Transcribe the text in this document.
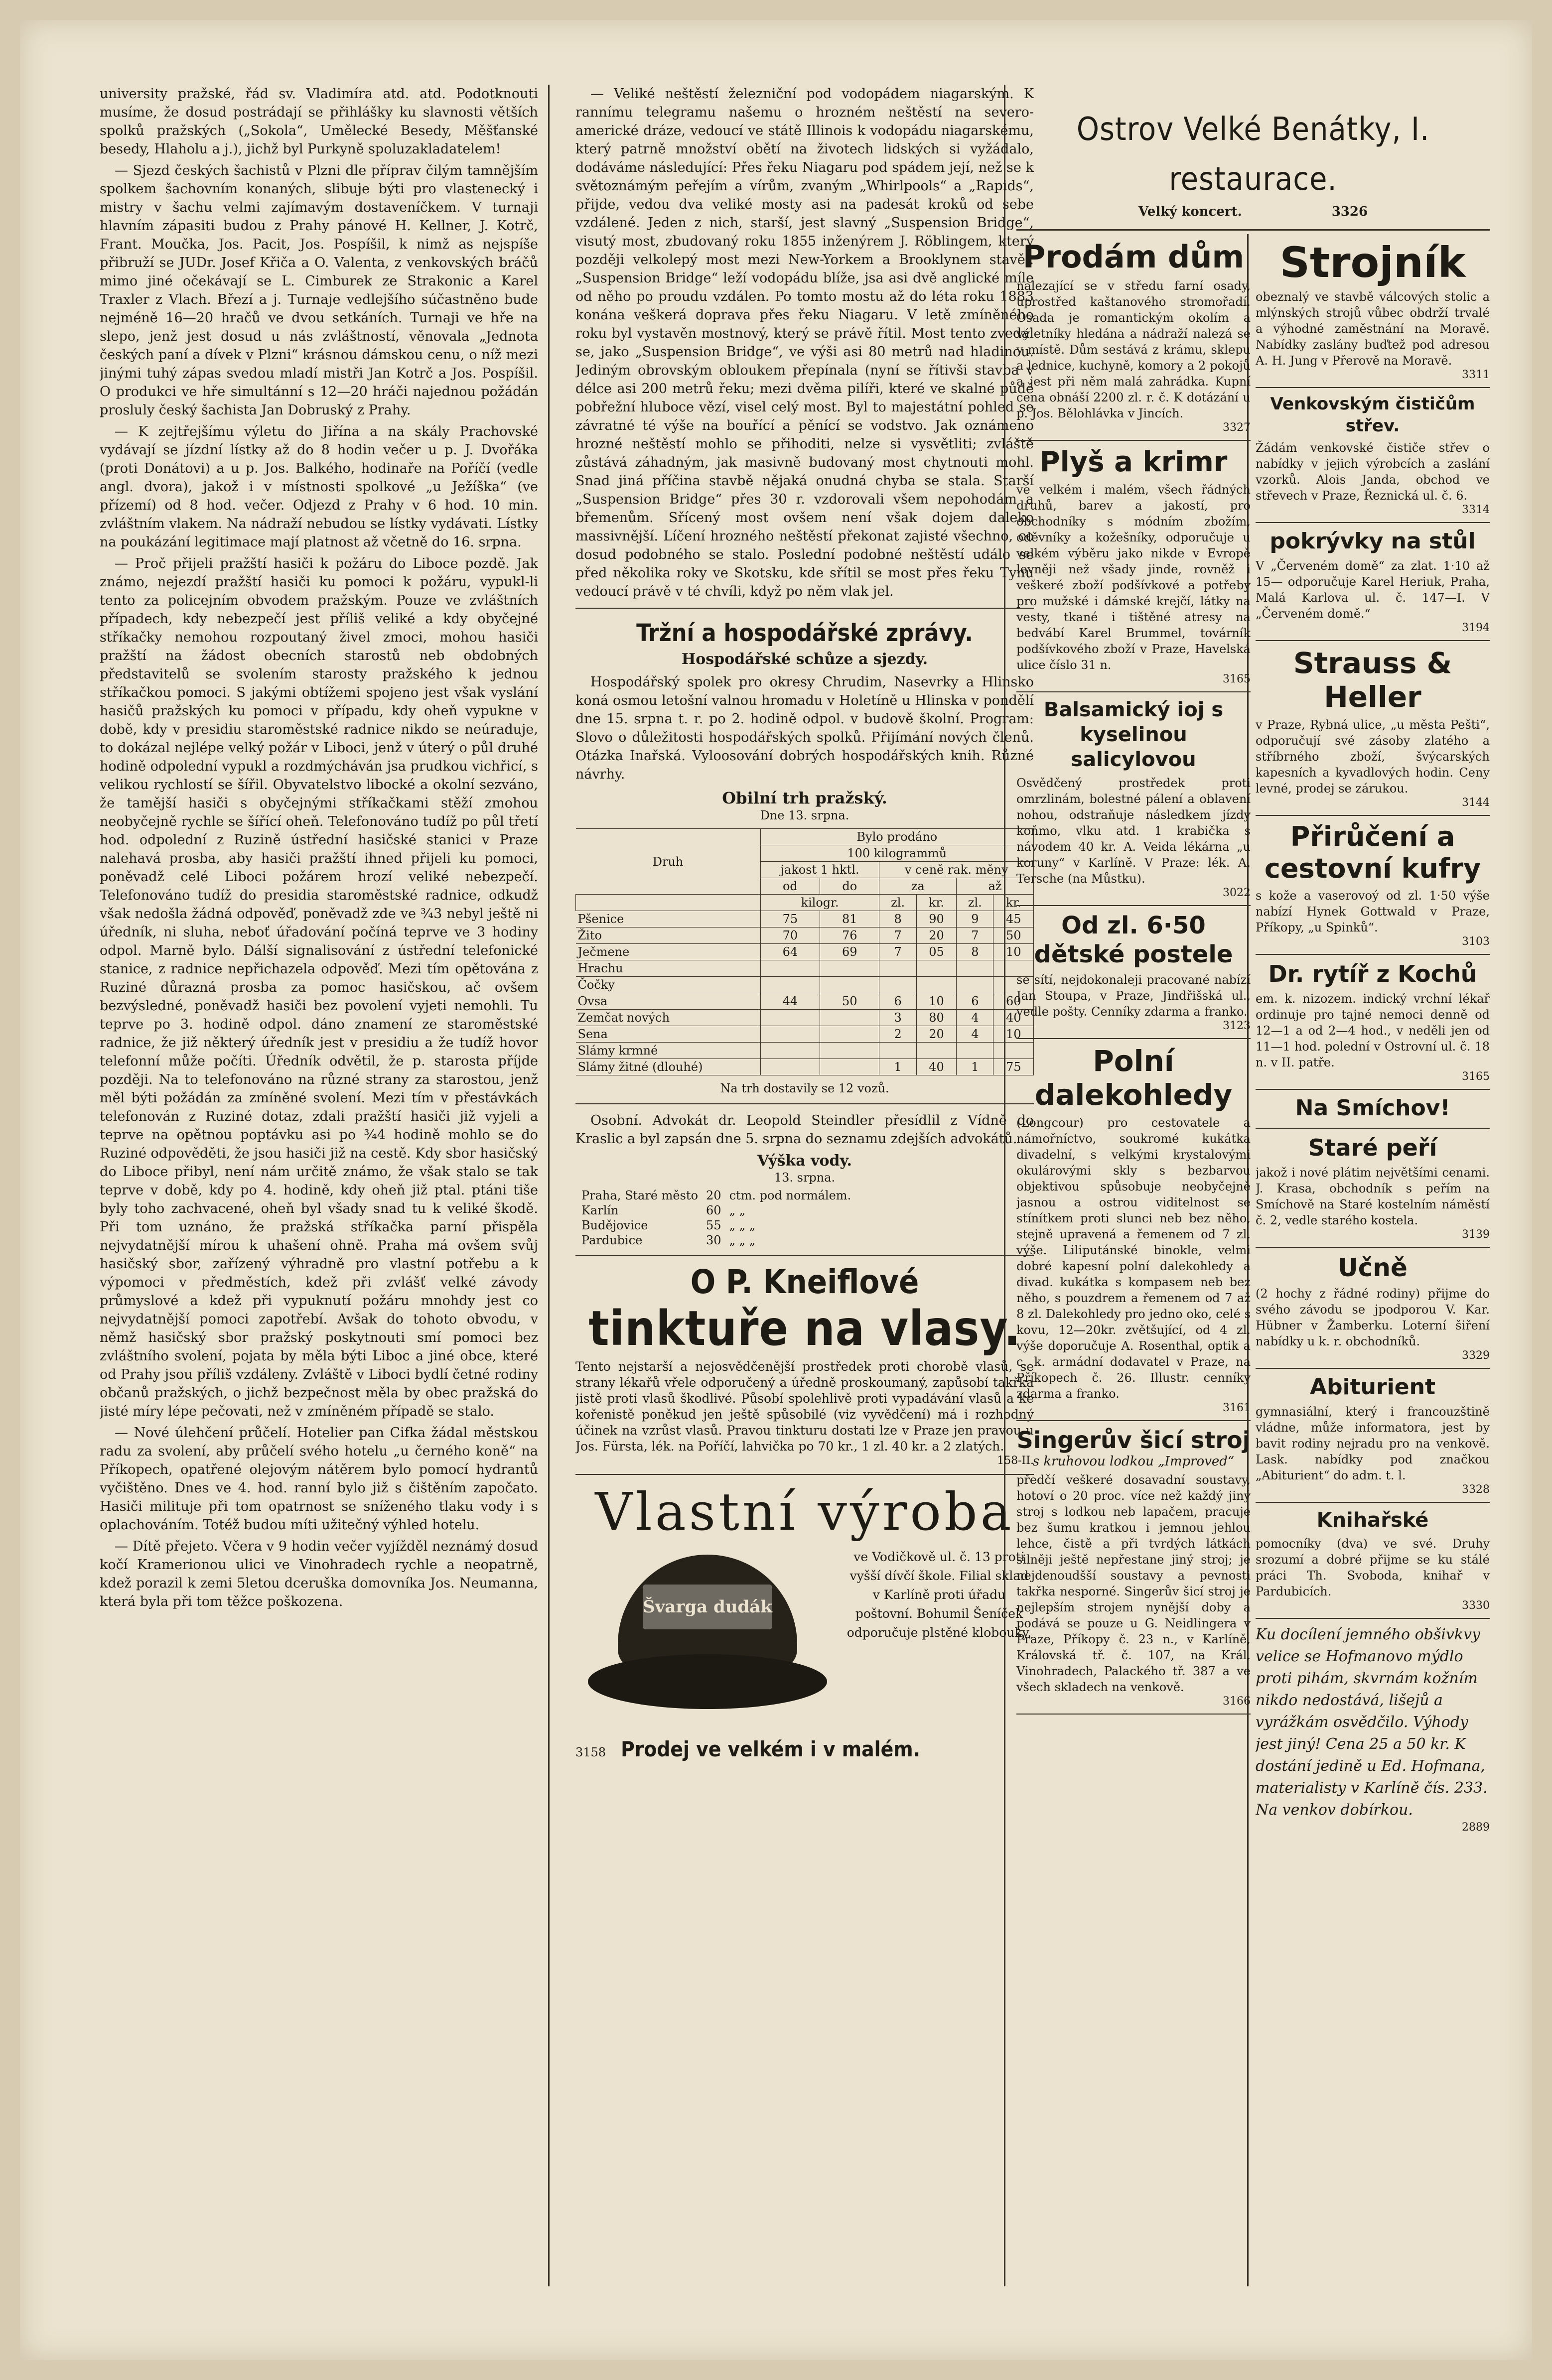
university pražské, řád sv. Vladimíra atd. atd. Podotknouti musíme, že dosud postrádají se přihlášky ku slavnosti větších spolků pražských („Sokola“, Umělecké Besedy, Měšťanské besedy, Hlaholu a j.), jichž byl Purkyně spoluzakladatelem!

— Sjezd českých šachistů v Plzni dle příprav čilým tamnějším spolkem šachovním konaných, slibuje býti pro vlastenecký i mistry v šachu velmi zajímavým dostaveníčkem. V turnaji hlavním zápasiti budou z Prahy pánové H. Kellner, J. Kotrč, Frant. Moučka, Jos. Pacit, Jos. Pospíšil, k nimž as nejspíše přibruží se JUDr. Josef Křiča a O. Valenta, z venkovských bráčů mimo jiné očekávají se L. Cimburek ze Strakonic a Karel Traxler z Vlach. Březí a j. Turnaje vedlejšího súčastněno bude nejméně 16—20 hračů ve dvou setkáních. Turnaji ve hře na slepo, jenž jest dosud u nás zvláštností, věnovala „Jednota českých paní a dívek v Plzni“ krásnou dámskou cenu, o níž mezi jinými tuhý zápas svedou mladí mistři Jan Kotrč a Jos. Pospíšil. O produkci ve hře simultánní s 12—20 hráči najednou požádán prosluly český šachista Jan Dobruský z Prahy.

— K zejtřejšímu výletu do Jiřína a na skály Prachovské vydávají se jízdní lístky až do 8 hodin večer u p. J. Dvořáka (proti Donátovi) a u p. Jos. Balkého, hodinaře na Poříčí (vedle angl. dvora), jakož i v místnosti spolkové „u Ježíška“ (ve přízemí) od 8 hod. večer. Odjezd z Prahy v 6 hod. 10 min. zvláštním vlakem. Na nádraží nebudou se lístky vydávati. Lístky na poukázání legitimace mají platnost až včetně do 16. srpna.

— Proč přijeli pražští hasiči k požáru do Liboce pozdě. Jak známo, nejezdí pražští hasiči ku pomoci k požáru, vypukl-li tento za policejním obvodem pražským. Pouze ve zvláštních případech, kdy nebezpečí jest příliš veliké a kdy obyčejné stříkačky nemohou rozpoutaný živel zmoci, mohou hasiči pražští na žádost obecních starostů neb obdobných představitelů se svolením starosty pražského k jednou stříkačkou pomoci. S jakými obtížemi spojeno jest však vyslání hasičů pražských ku pomoci v případu, kdy oheň vypukne v době, kdy v presidiu staroměstské radnice nikdo se neúraduje, to dokázal nejlépe velký požár v Liboci, jenž v úterý o půl druhé hodině odpolední vypukl a rozdmýcháván jsa prudkou vichřicí, s velikou rychlostí se šířil. Obyvatelstvo libocké a okolní sezváno, že tamější hasiči s obyčejnými stříkačkami stěží zmohou neobyčejně rychle se šířící oheň. Telefonováno tudíž po půl třetí hod. odpolední z Ruzině ústřední hasičské stanici v Praze nalehavá prosba, aby hasiči pražští ihned přijeli ku pomoci, poněvadž celé Liboci požárem hrozí veliké nebezpečí. Telefonováno tudíž do presidia staroměstské radnice, odkudž však nedošla žádná odpověď, poněvadž zde ve ¾3 nebyl ještě ni úředník, ni sluha, neboť úřadování počíná teprve ve 3 hodiny odpol. Marně bylo. Dálší signalisování z ústřední telefonické stanice, z radnice nepřichazela odpověď. Mezi tím opětována z Ruziné důrazná prosba za pomoc hasičskou, ač ovšem bezvýsledné, poněvadž hasiči bez povolení vyjeti nemohli. Tu teprve po 3. hodině odpol. dáno znamení ze staroměstské radnice, že již některý úředník jest v presidiu a že tudíž hovor telefonní může počíti. Úředník odvětil, že p. starosta příjde později. Na to telefonováno na různé strany za starostou, jenž měl býti požádán za zmíněné svolení. Mezi tím v přestávkách telefonován z Ruziné dotaz, zdali pražští hasiči již vyjeli a teprve na opětnou poptávku asi po ¾4 hodině mohlo se do Ruziné odpověděti, že jsou hasiči již na cestě. Kdy sbor hasičský do Liboce přibyl, není nám určitě známo, že však stalo se tak teprve v době, kdy po 4. hodině, kdy oheň již ptal. ptáni tiše byly toho zachvacené, oheň byl všady snad tu k veliké škodě. Při tom uznáno, že pražská stříkačka parní přispěla nejvydatnější mírou k uhašení ohně. Praha má ovšem svůj hasičský sbor, zařízený výhradně pro vlastní potřebu a k výpomoci v předměstích, kdež při zvlášť velké závody průmyslové a kdež při vypuknutí požáru mnohdy jest co nejvydatnější pomoci zapotřebí. Avšak do tohoto obvodu, v němž hasičský sbor pražský poskytnouti smí pomoci bez zvláštního svolení, pojata by měla býti Liboc a jiné obce, které od Prahy jsou příliš vzdáleny. Zvláště v Liboci bydlí četné rodiny občanů pražských, o jichž bezpečnost měla by obec pražská do jisté míry lépe pečovati, než v zmíněném případě se stalo.

— Nové úlehčení průčelí. Hotelier pan Cifka žádal městskou radu za svolení, aby průčelí svého hotelu „u černého koně“ na Příkopech, opatřené olejovým nátěrem bylo pomocí hydrantů vyčištěno. Dnes ve 4. hod. ranní bylo již s čištěním započato. Hasiči milituje při tom opatrnost se sníženého tlaku vody i s oplachováním. Totéž budou míti užitečný výhled hotelu.

— Dítě přejeto. Včera v 9 hodin večer vyjížděl neznámý dosud kočí Kramerionou ulici ve Vinohradech rychle a neopatrně, kdež porazil k zemi 5letou dceruška domovníka Jos. Neumanna, která byla při tom těžce poškozena.

— Veliké neštěstí železniční pod vodopádem niagarským. K rannímu telegramu našemu o hrozném neštěstí na severo-americké dráze, vedoucí ve státě Illinois k vodopádu niagarskému, který patrně množství obětí na životech lidských si vyžádalo, dodáváme následující: Přes řeku Niagaru pod spádem její, než se k světoznámým peřejím a vírům, zvaným „Whirlpools“ a „Rapids“, přijde, vedou dva veliké mosty asi na padesát kroků od sebe vzdálené. Jeden z nich, starší, jest slavný „Suspension Bridge“, visutý most, zbudovaný roku 1855 inženýrem J. Röblingem, který později velkolepý most mezi New-Yorkem a Brooklynem stavěl. „Suspension Bridge“ leží vodopádu blíže, jsa asi dvě anglické míle od něho po proudu vzdálen. Po tomto mostu až do léta roku 1883 konána veškerá doprava přes řeku Niagaru. V letě zmíněného roku byl vystavěn mostnový, který se právě řítil. Most tento zvedal se, jako „Suspension Bridge“, ve výši asi 80 metrů nad hladinou. Jediným obrovským obloukem přepínala (nyní se řítivši stavba v délce asi 200 metrů řeku; mezi dvěma pilíři, které ve skalné půdě pobřežní hluboce vězí, visel celý most. Byl to majestátní pohled se závratné té výše na bouřící a pěnící se vodstvo. Jak oznámeno hrozné neštěstí mohlo se přihoditi, nelze si vysvětliti; zvláště zůstává záhadným, jak masivně budovaný most chytnouti mohl. Snad jiná příčina stavbě nějaká onudná chyba se stala. Starší „Suspension Bridge“ přes 30 r. vzdorovali všem nepohodám a břemenům. Sřícený most ovšem není však dojem daleko massivnější. Líčení hrozného neštěstí překonat zajisté všechno, co dosud podobného se stalo. Poslední podobné neštěstí událo se před několika roky ve Skotsku, kde sřítil se most přes řeku Tynu vedoucí právě v té chvíli, když po něm vlak jel.

Tržní a hospodářské zprávy.
Hospodářské schůze a sjezdy.

Hospodářský spolek pro okresy Chrudim, Nasevrky a Hlinsko koná osmou letošní valnou hromadu v Holetíně u Hlinska v pondělí dne 15. srpna t. r. po 2. hodině odpol. v budově školní. Program: Slovo o důležitosti hospodářských spolků. Přijímání nových členů. Otázka Inařská. Vyloosování dobrých hospodářských knih. Různé návrhy.

Obilní trh pražský.
Dne 13. srpna.
Druh	Bylo prodáno					
	100 kilogrammů					
	jakost 1 hktl.		v ceně rak. měny			
	od	do	za		až	
	kilogr.		zl.	kr.	zl.	kr.
Pšenice	75	81	8	90	9	45
Žito	70	76	7	20	7	50
Ječmene	64	69	7	05	8	10
Hrachu						
Čočky						
Ovsa	44	50	6	10	6	60
Zemčat nových			3	80	4	40
Sena			2	20	4	10
Slámy krmné						
Slámy žitné (dlouhé)			1	40	1	75
Na trh dostavily se 12 vozů.

Osobní. Advokát dr. Leopold Steindler přesídlil z Vídně do Kraslic a byl zapsán dne 5. srpna do seznamu zdejších advokátů.

Výška vody.
13. srpna.
Praha, Staré město	20	ctm. pod normálem.
Karlín	60	„ „
Budějovice	55	„ „ „
Pardubice	30	„ „ „
O P. Kneiflové
tinktuře na vlasy.

Tento nejstarší a nejosvědčenější prostředek proti chorobě vlasů, se strany lékařů vřele odporučený a úředně proskoumaný, zapůsobí takřka jistě proti vlasů škodlivé. Působí spolehlivě proti vypadávání vlasů a ke kořenistě poněkud jen ještě spůsobilé (viz vyvědčení) má i rozhodný účinek na vzrůst vlasů. Pravou tinkturu dostati lze v Praze jen pravou u Jos. Fürsta, lék. na Poříčí, lahvička po 70 kr., 1 zl. 40 kr. a 2 zlatých.

158-II.
Vlastní výroba
Švarga dudák

ve Vodičkově ul. č. 13 proti vyšší dívčí škole. Filial sklad v Karlíně proti úřadu poštovní. Bohumil Šeníček odporučuje plstěné klobouky.

3158 Prodej ve velkém i v malém.
Ostrov Velké Benátky, I. restaurace.
Velký koncert.	3326
Prodám dům

nalezající se v středu farní osady, uprostřed kaštanového stromořadí. Osada je romantickým okolím a výletníky hledána a nádraží nalezá se v místě. Dům sestává z krámu, sklepu a lednice, kuchyně, komory a 2 pokojů a jest při něm malá zahrádka. Kupní cena obnáší 2200 zl. r. č. K dotázání u p. Jos. Bělohlávka v Jincích.

3327
Plyš a krimr

ve velkém i malém, všech řádných druhů, barev a jakostí, pro obchodníky s módním zbožím, oděvníky a kožešníky, odporučuje u velkém výběru jako nikde v Evropě levněji než všady jinde, rovněž i veškeré zboží podšívkové a potřeby pro mužské i dámské krejčí, látky na vesty, tkané i tištěné atresy na bedvábí Karel Brummel, továrník podšívkového zboží v Praze, Havelská ulice číslo 31 n.

3165
Balsamický ioj s kyselinou salicylovou

Osvědčený prostředek proti omrzlinám, bolestné pálení a oblavení nohou, odstraňuje následkem jízdy koňmo, vlku atd. 1 krabička s návodem 40 kr. A. Veida lékárna „u koruny“ v Karlíně. V Praze: lék. A. Tersche (na Můstku).

3022
Od zl. 6·50 dětské postele

se sítí, nejdokonaleji pracované nabízí Jan Stoupa, v Praze, Jindřišská ul., vedle pošty. Cenníky zdarma a franko.

3123
Polní dalekohledy

(Longcour) pro cestovatele a námořníctvo, soukromé kukátka divadelní, s velkými krystalovými okulárovými skly s bezbarvou objektivou spůsobuje neobyčejně jasnou a ostrou viditelnost se stínítkem proti slunci neb bez něho, stejně upravená a řemenem od 7 zl. výše. Liliputánské binokle, velmi dobré kapesní polní dalekohledy a divad. kukátka s kompasem neb bez něho, s pouzdrem a řemenem od 7 až 8 zl. Dalekohledy pro jedno oko, celé s kovu, 12—20kr. zvětšující, od 4 zl. výše doporučuje A. Rosenthal, optik a c. k. armádní dodavatel v Praze, na Příkopech č. 26. Illustr. cenníky zdarma a franko.

3161
Singerův šicí stroj
s kruhovou lodkou „Improved“

předčí veškeré dosavadní soustavy, hotoví o 20 proc. více než každý jiný stroj s lodkou neb lapačem, pracuje bez šumu kratkou i jemnou jehlou lehce, čistě a při tvrdých látkách silněji ještě nepřestane jiný stroj; je nejdenoudšší soustavy a pevnosti takřka nesporné. Singerův šicí stroj je nejlepším strojem nynější doby a podává se pouze u G. Neidlingera v Praze, Příkopy č. 23 n., v Karlíně, Královská tř. č. 107, na Král. Vinohradech, Palackého tř. 387 a ve všech skladech na venkově.

3166
Strojník

obeznalý ve stavbě válcových stolic a mlýnských strojů vůbec obdrží trvalé a výhodné zaměstnání na Moravě. Nabídky zaslány buďtež pod adresou A. H. Jung v Přerově na Moravě.

3311
Venkovským čističům střev.

Žádám venkovské čističe střev o nabídky v jejich výrobcích a zaslání vzorků. Alois Janda, obchod ve střevech v Praze, Řeznická ul. č. 6.

3314
pokrývky na stůl

V „Červeném domě“ za zlat. 1·10 až 15— odporučuje Karel Heriuk, Praha, Malá Karlova ul. č. 147—I. V „Červeném domě.“

3194
Strauss & Heller

v Praze, Rybná ulice, „u města Pešti“, odporučují své zásoby zlatého a stříbrného zboží, švýcarských kapesních a kyvadlových hodin. Ceny levné, prodej se zárukou.

3144
Přirůčení a cestovní kufry

s kože a vaserovoý od zl. 1·50 výše nabízí Hynek Gottwald v Praze, Příkopy, „u Spinků“.

3103
Dr. rytíř z Kochů

em. k. nizozem. indický vrchní lékař ordinuje pro tajné nemoci denně od 12—1 a od 2—4 hod., v neděli jen od 11—1 hod. polední v Ostrovní ul. č. 18 n. v II. patře.

3165
Na Smíchov!
Staré peří

jakož i nové plátim největšími cenami. J. Krasa, obchodník s peřím na Smíchově na Staré kostelním náměstí č. 2, vedle starého kostela.

3139
Učně

(2 hochy z řádné rodiny) přijme do svého závodu se jpodporou V. Kar. Hübner v Žamberku. Loterní šiření nabídky u k. r. obchodníků.

3329
Abiturient

gymnasiální, který i francouzštině vládne, může informatora, jest by bavit rodiny nejradu pro na venkově. Lask. nabídky pod značkou „Abiturient“ do adm. t. l.

3328
Knihařské

pomocníky (dva) ve své. Druhy srozumí a dobré přijme se ku stálé práci Th. Svoboda, knihař v Pardubicích.

3330

Ku docílení jemného obšivkvy velice se Hofmanovo mýdlo proti pihám, skvrnám kožním nikdo nedostává, lišejů a vyrážkám osvědčilo. Výhody jest jiný! Cena 25 a 50 kr. K dostání jedině u Ed. Hofmana, materialisty v Karlíně čís. 233. Na venkov dobírkou.

2889
